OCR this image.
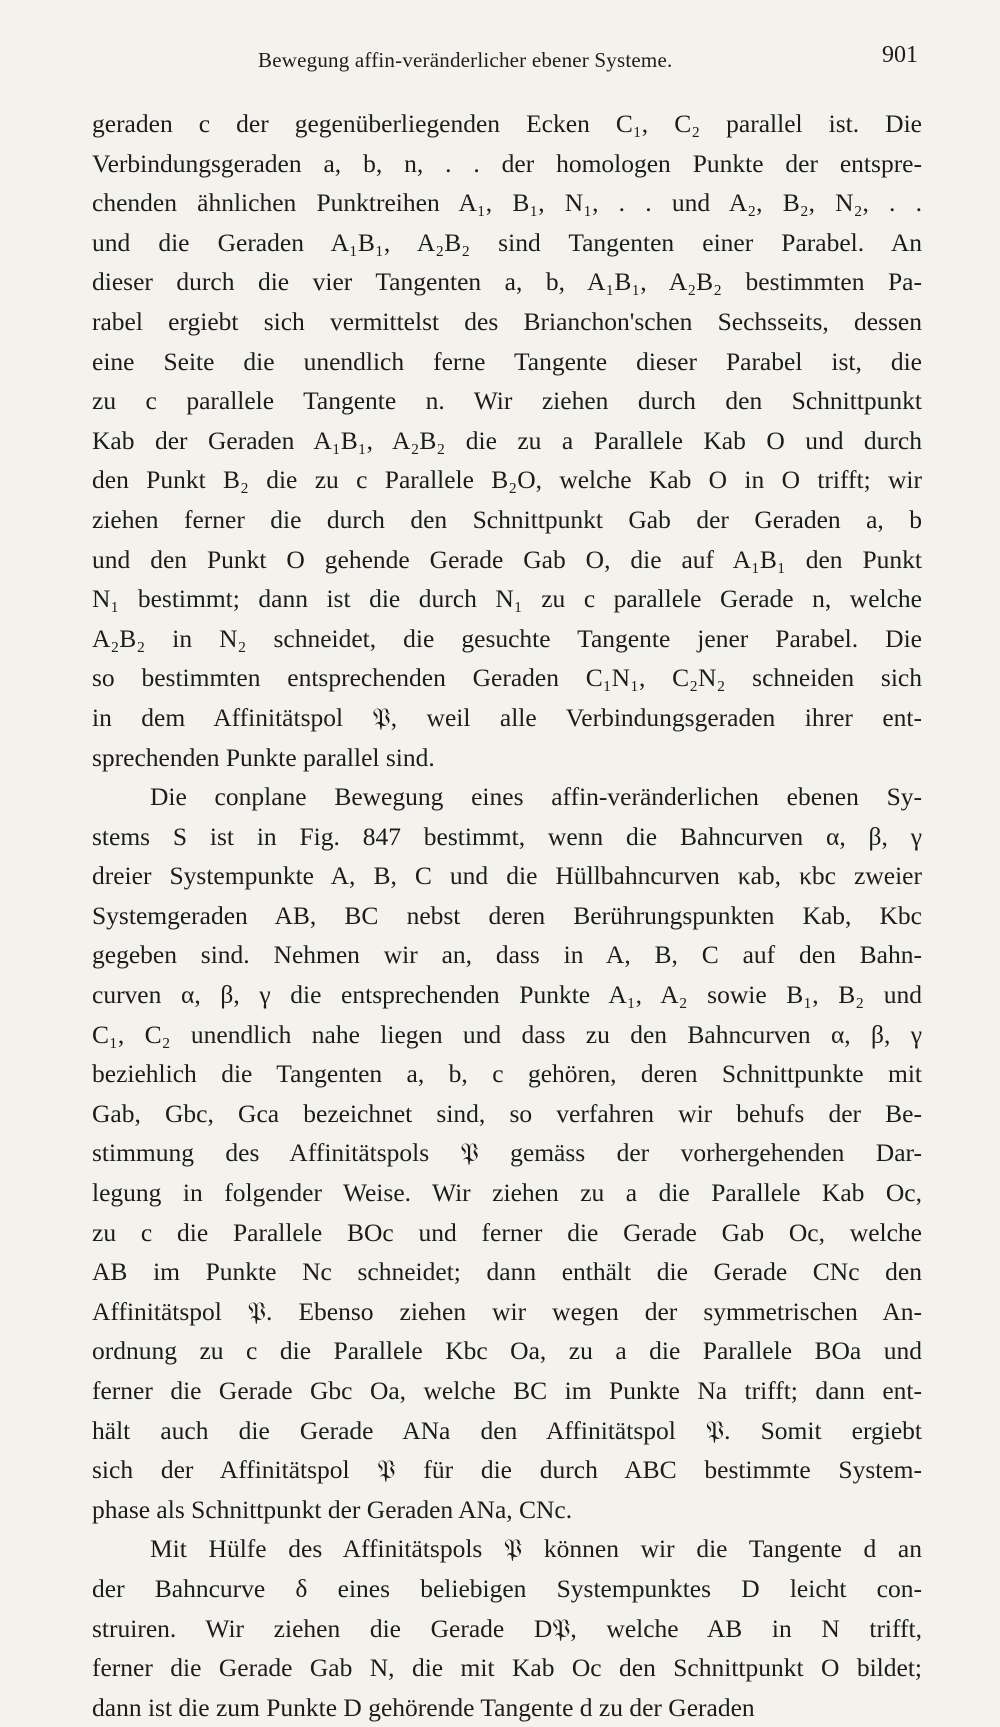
Bewegung affin-veränderlicher ebener Systeme.	901

geraden c der gegenüberliegenden Ecken C₁, C₂ parallel ist. Die
Verbindungsgeraden a, b, n, . . der homologen Punkte der entspre-
chenden ähnlichen Punktreihen A₁, B₁, N₁, . . und A₂, B₂, N₂, . .
und die Geraden A₁B₁, A₂B₂ sind Tangenten einer Parabel. An
dieser durch die vier Tangenten a, b, A₁B₁, A₂B₂ bestimmten Pa-
rabel ergiebt sich vermittelst des Brianchon'schen Sechsseits, dessen
eine Seite die unendlich ferne Tangente dieser Parabel ist, die
zu c parallele Tangente n. Wir ziehen durch den Schnittpunkt
Kab der Geraden A₁B₁, A₂B₂ die zu a Parallele Kab O und durch
den Punkt B₂ die zu c Parallele B₂O, welche Kab O in O trifft; wir
ziehen ferner die durch den Schnittpunkt Gab der Geraden a, b
und den Punkt O gehende Gerade Gab O, die auf A₁B₁ den Punkt
N₁ bestimmt; dann ist die durch N₁ zu c parallele Gerade n, welche
A₂B₂ in N₂ schneidet, die gesuchte Tangente jener Parabel. Die
so bestimmten entsprechenden Geraden C₁N₁, C₂N₂ schneiden sich
in dem Affinitätspol 𝔓, weil alle Verbindungsgeraden ihrer ent-
sprechenden Punkte parallel sind.

Die conplane Bewegung eines affin-veränderlichen ebenen Sy-
stems S ist in Fig. 847 bestimmt, wenn die Bahncurven α, β, γ
dreier Systempunkte A, B, C und die Hüllbahncurven κab, κbc zweier
Systemgeraden AB, BC nebst deren Berührungspunkten Kab, Kbc
gegeben sind. Nehmen wir an, dass in A, B, C auf den Bahn-
curven α, β, γ die entsprechenden Punkte A₁, A₂ sowie B₁, B₂ und
C₁, C₂ unendlich nahe liegen und dass zu den Bahncurven α, β, γ
beziehlich die Tangenten a, b, c gehören, deren Schnittpunkte mit
Gab, Gbc, Gca bezeichnet sind, so verfahren wir behufs der Be-
stimmung des Affinitätspols 𝔓 gemäss der vorhergehenden Dar-
legung in folgender Weise. Wir ziehen zu a die Parallele Kab Oc,
zu c die Parallele BOc und ferner die Gerade Gab Oc, welche
AB im Punkte Nc schneidet; dann enthält die Gerade CNc den
Affinitätspol 𝔓. Ebenso ziehen wir wegen der symmetrischen An-
ordnung zu c die Parallele Kbc Oa, zu a die Parallele BOa und
ferner die Gerade Gbc Oa, welche BC im Punkte Na trifft; dann ent-
hält auch die Gerade ANa den Affinitätspol 𝔓. Somit ergiebt
sich der Affinitätspol 𝔓 für die durch ABC bestimmte System-
phase als Schnittpunkt der Geraden ANa, CNc.

Mit Hülfe des Affinitätspols 𝔓 können wir die Tangente d an
der Bahncurve δ eines beliebigen Systempunktes D leicht con-
struiren. Wir ziehen die Gerade D𝔓, welche AB in N trifft,
ferner die Gerade Gab N, die mit Kab Oc den Schnittpunkt O bildet;
dann ist die zum Punkte D gehörende Tangente d zu der Geraden
